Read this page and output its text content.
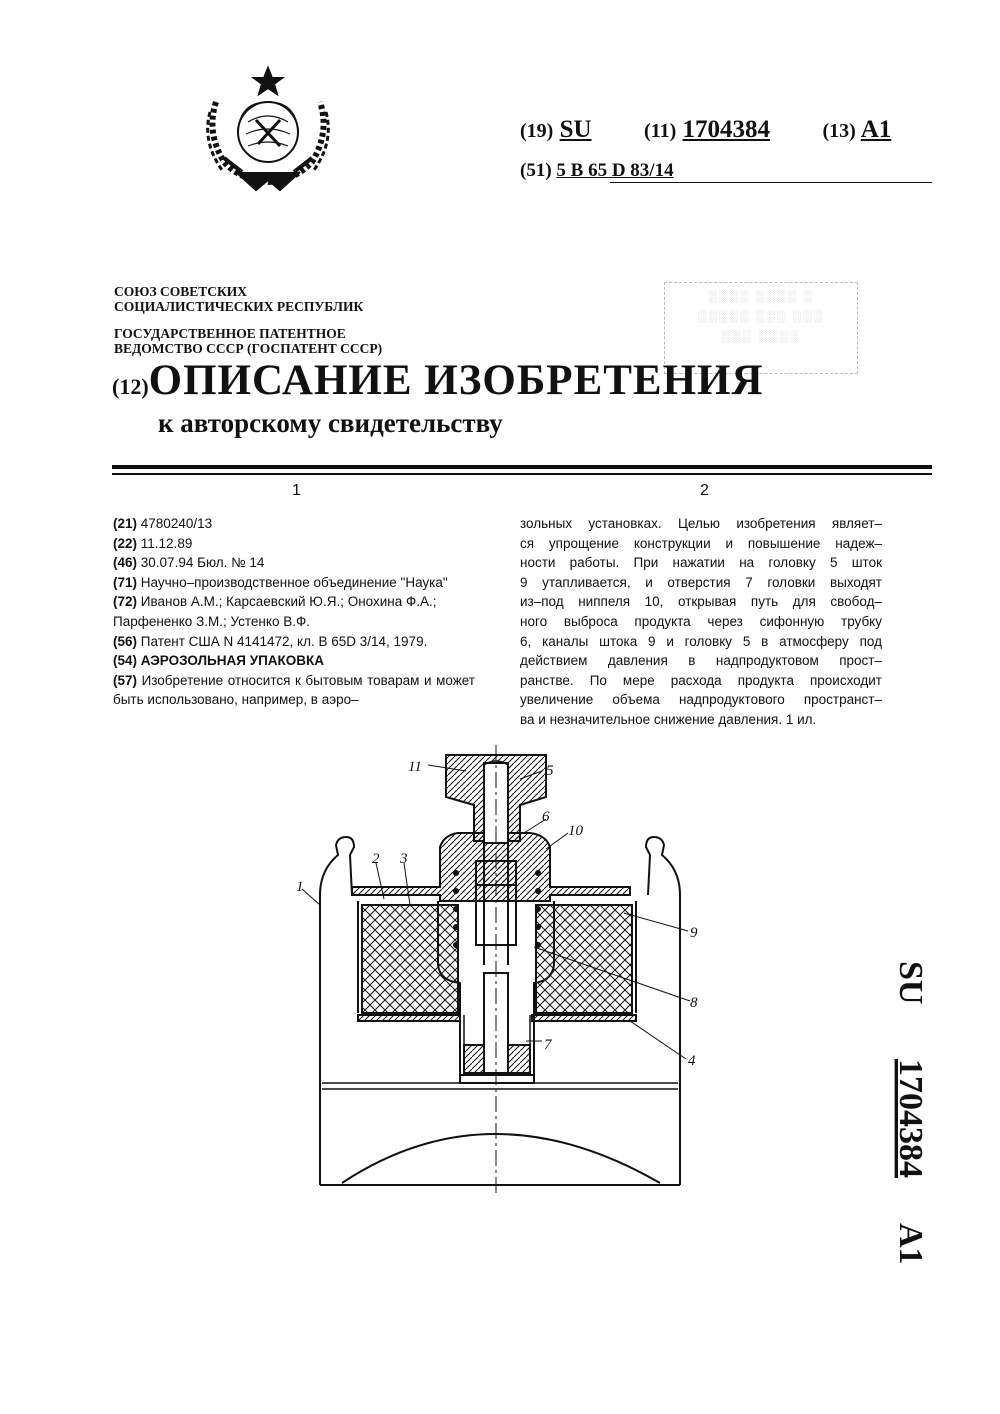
(19) SU	(11) 1704384	(13) A1
(51) 5 B 65 D 83/14
СОЮЗ СОВЕТСКИХ
СОЦИАЛИСТИЧЕСКИХ РЕСПУБЛИК
ГОСУДАРСТВЕННОЕ ПАТЕНТНОЕ
ВЕДОМСТВО СССР (ГОСПАТЕНТ СССР)
░░░░ ░░░░ ░
░░░░░ ░░░ ░░░
░░░ ░░░░
(12)ОПИСАНИЕ ИЗОБРЕТЕНИЯ
к авторскому свидетельству
1	2

(21) 4780240/13

(22) 11.12.89

(46) 30.07.94 Бюл. № 14

(71) Научно–производственное объединение "Наука"

(72) Иванов А.М.; Карсаевский Ю.Я.; Онохина Ф.А.; Парфененко З.М.; Устенко В.Ф.

(56) Патент США N 4141472, кл. B 65D 3/14, 1979.

(54) АЭРОЗОЛЬНАЯ УПАКОВКА

(57) Изобретение относится к бытовым товарам и может быть использовано, например, в аэро–

зольных установках. Целью изобретения являет–
ся упрощение конструкции и повышение надеж–
ности работы. При нажатии на головку 5 шток
9 утапливается, и отверстия 7 головки выходят
из–под ниппеля 10, открывая путь для свобод–
ного выброса продукта через сифонную трубку
6, каналы штока 9 и головку 5 в атмосферу под
действием давления в надпродуктовом прост–
ранстве. По мере расхода продукта происходит
увеличение объема надпродуктового пространст–
ва и незначительное снижение давления. 1 ил.
11	5
6
10
2 3
1
9
8
7
4
SU
1704384
A1
